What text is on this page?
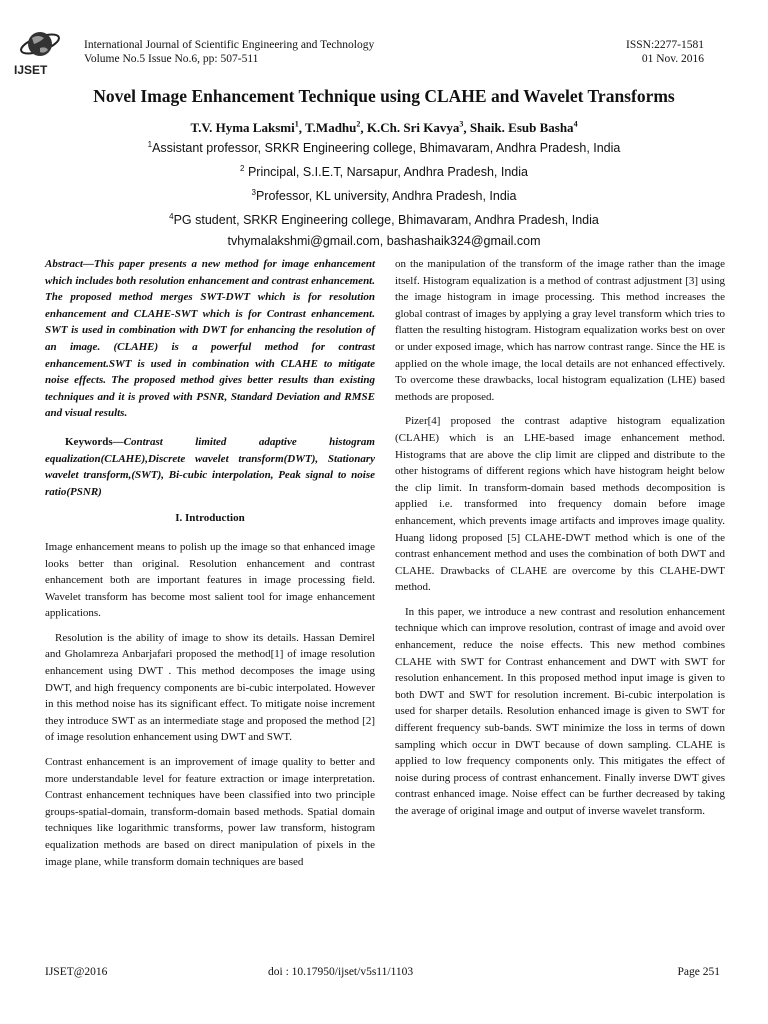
IJSET
International Journal of Scientific Engineering and Technology
Volume No.5 Issue No.6, pp: 507-511
ISSN:2277-1581
01 Nov. 2016
Novel Image Enhancement Technique using CLAHE and Wavelet Transforms
T.V. Hyma Laksmi$^1$, T.Madhu$^2$, K.Ch. Sri Kavya$^3$, Shaik. Esub Basha$^4$
$^1$Assistant professor, SRKR Engineering college, Bhimavaram, Andhra Pradesh, India
$^2$ Principal, S.I.E.T, Narsapur, Andhra Pradesh, India
$^3$Professor, KL university, Andhra Pradesh, India
$^4$PG student, SRKR Engineering college, Bhimavaram, Andhra Pradesh, India
tvhymalakshmi@gmail.com, bashashaik324@gmail.com

Abstract—This paper presents a new method for image enhancement which includes both resolution enhancement and contrast enhancement. The proposed method merges SWT-DWT which is for resolution enhancement and CLAHE-SWT which is for Contrast enhancement. SWT is used in combination with DWT for enhancing the resolution of an image. (CLAHE) is a powerful method for contrast enhancement.SWT is used in combination with CLAHE to mitigate noise effects. The proposed method gives better results than existing techniques and it is proved with PSNR, Standard Deviation and RMSE and visual results.

Keywords—Contrast limited adaptive histogram equalization(CLAHE),Discrete wavelet transform(DWT), Stationary wavelet transform,(SWT), Bi-cubic interpolation, Peak signal to noise ratio(PSNR)

I. Introduction

Image enhancement means to polish up the image so that enhanced image looks better than original. Resolution enhancement and contrast enhancement both are important features in image processing field. Wavelet transform has become most salient tool for image enhancement applications.

Resolution is the ability of image to show its details. Hassan Demirel and Gholamreza Anbarjafari proposed the method[1] of image resolution enhancement using DWT . This method decomposes the image using DWT, and high frequency components are bi-cubic interpolated. However in this method noise has its significant effect. To mitigate noise increment they introduce SWT as an intermediate stage and proposed the method [2] of image resolution enhancement using DWT and SWT.

Contrast enhancement is an improvement of image quality to better and more understandable level for feature extraction or image interpretation. Contrast enhancement techniques have been classified into two principle groups-spatial-domain, transform-domain based methods. Spatial domain techniques like logarithmic transforms, power law transform, histogram equalization methods are based on direct manipulation of pixels in the image plane, while transform domain techniques are based

on the manipulation of the transform of the image rather than the image itself. Histogram equalization is a method of contrast adjustment [3] using the image histogram in image processing. This method increases the global contrast of images by applying a gray level transform which tries to flatten the resulting histogram. Histogram equalization works best on over or under exposed image, which has narrow contrast range. Since the HE is applied on the whole image, the local details are not enhanced effectively. To overcome these drawbacks, local histogram equalization (LHE) based methods are proposed.

Pizer[4] proposed the contrast adaptive histogram equalization (CLAHE) which is an LHE-based image enhancement method. Histograms that are above the clip limit are clipped and distribute to the other histograms of different regions which have histogram height below the clip limit. In transform-domain based methods decomposition is applied i.e. transformed into frequency domain before image enhancement, which prevents image artifacts and improves image quality. Huang lidong proposed [5] CLAHE-DWT method which is one of the contrast enhancement method and uses the combination of both DWT and CLAHE. Drawbacks of CLAHE are overcome by this CLAHE-DWT method.

In this paper, we introduce a new contrast and resolution enhancement technique which can improve resolution, contrast of image and avoid over enhancement, reduce the noise effects. This new method combines CLAHE with SWT for Contrast enhancement and DWT with SWT for resolution enhancement. In this proposed method input image is given to both DWT and SWT for resolution increment. Bi-cubic interpolation is used for sharper details. Resolution enhanced image is given to SWT for different frequency sub-bands. SWT minimize the loss in terms of down sampling which occur in DWT because of down sampling. CLAHE is applied to low frequency components only. This mitigates the effect of noise during process of contrast enhancement. Finally inverse DWT gives contrast enhanced image. Noise effect can be further decreased by taking the average of original image and output of inverse wavelet transform.

IJSET@2016	doi : 10.17950/ijset/v5s11/1103	Page 251
